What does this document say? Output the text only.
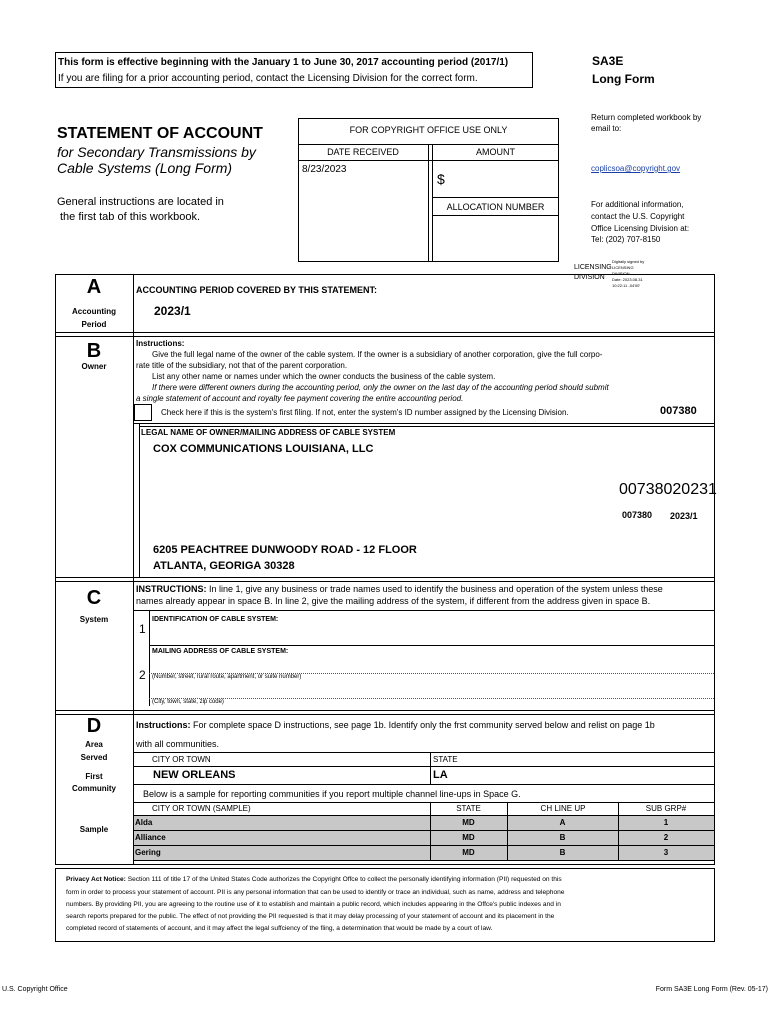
This form is effective beginning with the January 1 to June 30, 2017 accounting period (2017/1)
If you are filing for a prior accounting period, contact the Licensing Division for the correct form.
SA3E
Long Form
STATEMENT OF ACCOUNT
for Secondary Transmissions by
Cable Systems (Long Form)
General instructions are located in
the first tab of this workbook.
FOR COPYRIGHT OFFICE USE ONLY
DATE RECEIVED	AMOUNT
8/23/2023
$
ALLOCATION NUMBER
Return completed workbook by
email to:
coplicsoa@copyright.gov
For additional information,
contact the U.S. Copyright
Office Licensing Division at:
Tel: (202) 707-8150
LICENSING
DIVISION
Digitally signed by
LICENSING
DIVISION
Date: 2023.08.31
10:22:11 -04'00'
A
Accounting
Period
ACCOUNTING PERIOD COVERED BY THIS STATEMENT:
2023/1
B
Owner
Instructions:
Give the full legal name of the owner of the cable system. If the owner is a subsidiary of another corporation, give the full corpo-
rate title of the subsidiary, not that of the parent corporation.
List any other name or names under which the owner conducts the business of the cable system.
If there were different owners during the accounting period, only the owner on the last day of the accounting period should submit
a single statement of account and royalty fee payment covering the entire accounting period.
Check here if this is the system's first filing. If not, enter the system's ID number assigned by the Licensing Division.	007380
LEGAL NAME OF OWNER/MAILING ADDRESS OF CABLE SYSTEM
COX COMMUNICATIONS LOUISIANA, LLC
00738020231
007380 2023/1
6205 PEACHTREE DUNWOODY ROAD - 12 FLOOR
ATLANTA, GEORIGA 30328
C
System
INSTRUCTIONS: In line 1, give any business or trade names used to identify the business and operation of the system unless these
names already appear in space B. In line 2, give the mailing address of the system, if different from the address given in space B.
IDENTIFICATION OF CABLE SYSTEM:
1
MAILING ADDRESS OF CABLE SYSTEM:
2 (Number, street, rural route, apartment, or suite number)
(City, town, state, zip code)
D
Area
Served
First
Community
Sample
Instructions: For complete space D instructions, see page 1b. Identify only the frst community served below and relist on page 1b
with all communities.
CITY OR TOWN	STATE
NEW ORLEANS	LA
Below is a sample for reporting communities if you report multiple channel line-ups in Space G.
CITY OR TOWN (SAMPLE)	STATE	CH LINE UP	SUB GRP#
Alda	MD	A	1
Alliance	MD	B	2
Gering	MD	B	3
Privacy Act Notice: Section 111 of title 17 of the United States Code authorizes the Copyright Offce to collect the personally identifying information (PII) requested on this
form in order to process your statement of account. PII is any personal information that can be used to identify or trace an individual, such as name, address and telephone
numbers. By providing PII, you are agreeing to the routine use of it to establish and maintain a public record, which includes appearing in the Offce's public indexes and in
search reports prepared for the public. The effect of not providing the PII requested is that it may delay processing of your statement of account and its placement in the
completed record of statements of account, and it may affect the legal suffciency of the fling, a determination that would be made by a court of law.
U.S. Copyright Office	Form SA3E Long Form (Rev. 05-17)
